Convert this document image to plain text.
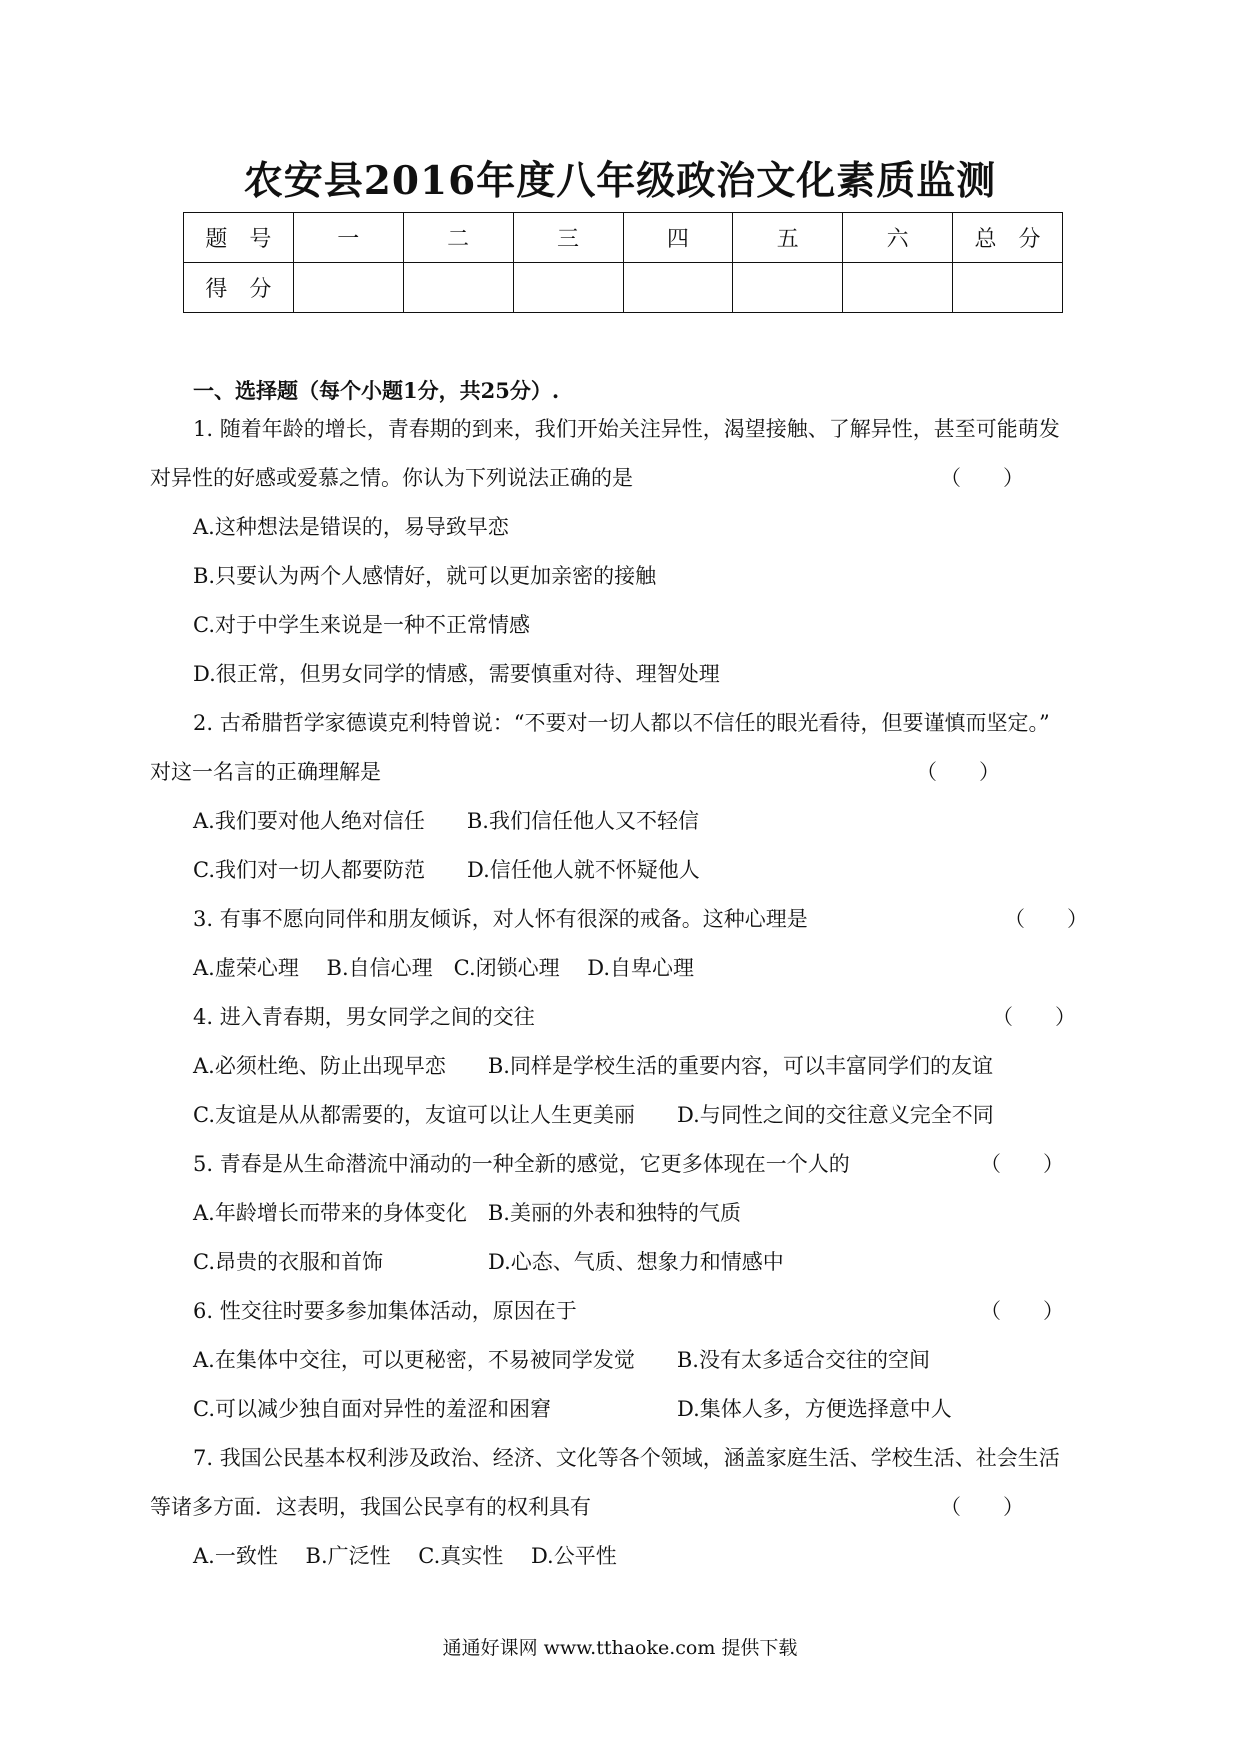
农安县2016年度八年级政治文化素质监测
题　号	一	二	三	四	五	六	总　分
得　分							
一、选择题（每个小题1分，共25分）.
1. 随着年龄的增长，青春期的到来，我们开始关注异性，渴望接触、了解异性，甚至可能萌发
对异性的好感或爱慕之情。你认为下列说法正确的是	（　　）
A.这种想法是错误的，易导致早恋
B.只要认为两个人感情好，就可以更加亲密的接触
C.对于中学生来说是一种不正常情感
D.很正常，但男女同学的情感，需要慎重对待、理智处理
2. 古希腊哲学家德谟克利特曾说：“不要对一切人都以不信任的眼光看待，但要谨慎而坚定。”
对这一名言的正确理解是	（　　）
A.我们要对他人绝对信任　　B.我们信任他人又不轻信
C.我们对一切人都要防范　　D.信任他人就不怀疑他人
3. 有事不愿向同伴和朋友倾诉，对人怀有很深的戒备。这种心理是	（　　）
A.虚荣心理　 B.自信心理　C.闭锁心理　 D.自卑心理
4. 进入青春期，男女同学之间的交往	（　　）
A.必须杜绝、防止出现早恋　　B.同样是学校生活的重要内容，可以丰富同学们的友谊
C.友谊是从从都需要的，友谊可以让人生更美丽　　D.与同性之间的交往意义完全不同
5. 青春是从生命潜流中涌动的一种全新的感觉，它更多体现在一个人的	（　　）
A.年龄增长而带来的身体变化　B.美丽的外表和独特的气质
C.昂贵的衣服和首饰　　　　　D.心态、气质、想象力和情感中
6. 性交往时要多参加集体活动，原因在于	（　　）
A.在集体中交往，可以更秘密，不易被同学发觉　　B.没有太多适合交往的空间
C.可以减少独自面对异性的羞涩和困窘　　　　　　D.集体人多，方便选择意中人
7. 我国公民基本权利涉及政治、经济、文化等各个领域，涵盖家庭生活、学校生活、社会生活
等诸多方面．这表明，我国公民享有的权利具有	（　　）
A.一致性　 B.广泛性　 C.真实性　 D.公平性
通通好课网 www.tthaoke.com 提供下载
